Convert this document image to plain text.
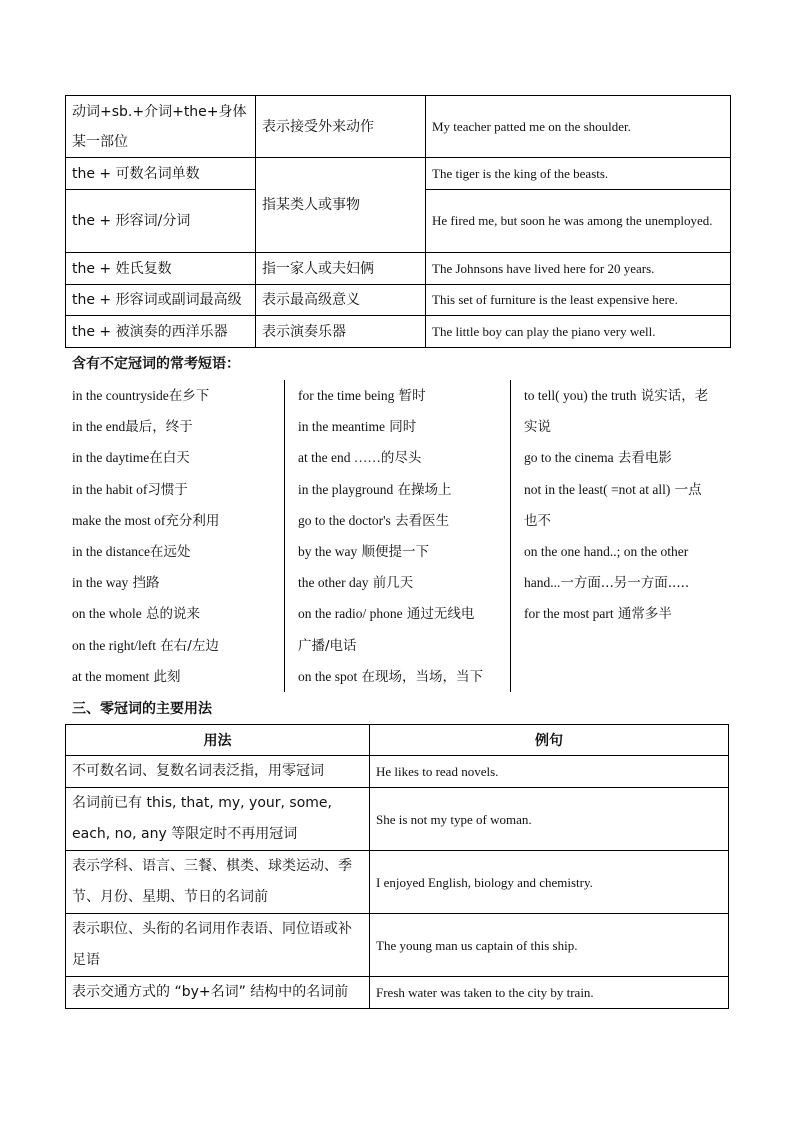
动词+sb.+介词+the+身体某一部位	表示接受外来动作	My teacher patted me on the shoulder.
the + 可数名词单数	指某类人或事物	The tiger is the king of the beasts.
the + 形容词/分词		He fired me, but soon he was among the unemployed.
the + 姓氏复数	指一家人或夫妇俩	The Johnsons have lived here for 20 years.
the + 形容词或副词最高级	表示最高级意义	This set of furniture is the least expensive here.
the + 被演奏的西洋乐器	表示演奏乐器	The little boy can play the piano very well.
含有不定冠词的常考短语：
in the countryside在乡下
in the end最后，终于
in the daytime在白天
in the habit of习惯于
make the most of充分利用
in the distance在远处
in the way 挡路
on the whole 总的说来
on the right/left 在右/左边
at the moment 此刻
for the time being 暂时
in the meantime 同时
at the end ……的尽头
in the playground 在操场上
go to the doctor's 去看医生
by the way 顺便提一下
the other day 前几天
on the radio/ phone 通过无线电
广播/电话
on the spot 在现场，当场，当下
to tell( you) the truth 说实话，老
实说
go to the cinema 去看电影
not in the least( =not at all) 一点
也不
on the one hand..; on the other
hand...一方面...另一方面.....
for the most part 通常多半
三、零冠词的主要用法
用法	例句
不可数名词、复数名词表泛指，用零冠词	He likes to read novels.
名词前已有 this, that, my, your, some, each, no, any 等限定时不再用冠词	She is not my type of woman.
表示学科、语言、三餐、棋类、球类运动、季节、月份、星期、节日的名词前	I enjoyed English, biology and chemistry.
表示职位、头衔的名词用作表语、同位语或补足语	The young man us captain of this ship.
表示交通方式的 “by+名词” 结构中的名词前	Fresh water was taken to the city by train.
